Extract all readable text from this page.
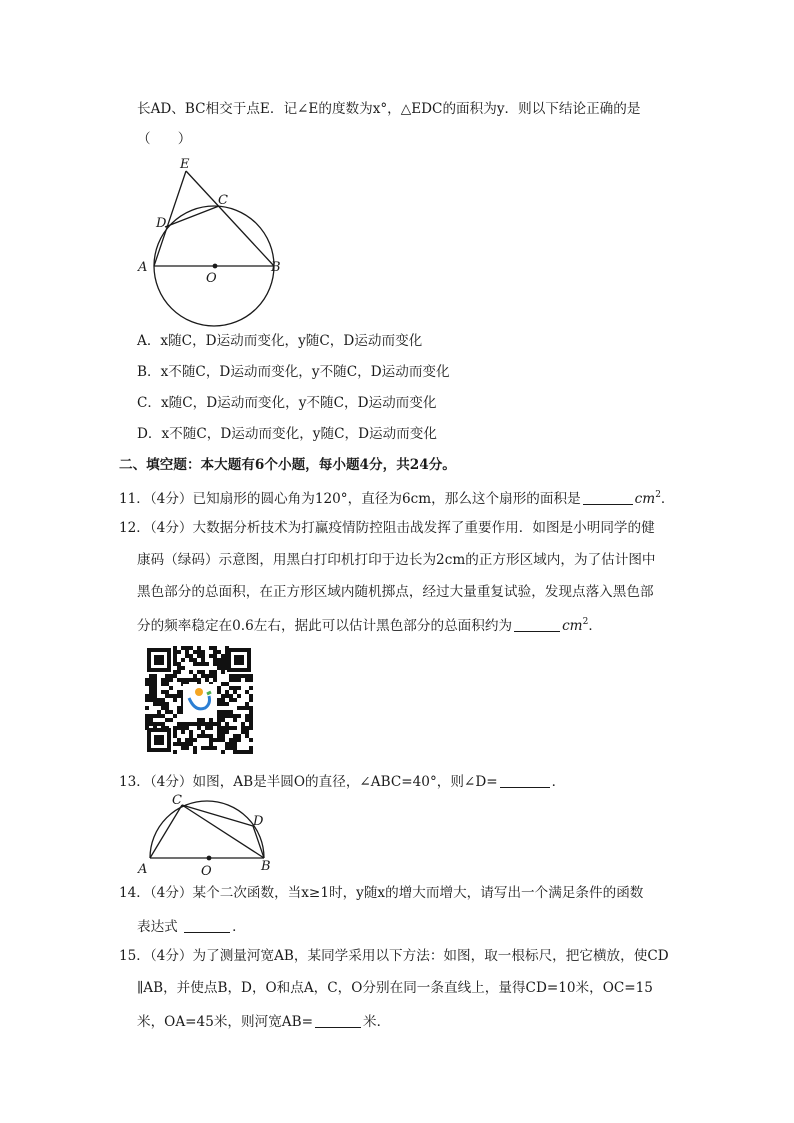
长AD、BC相交于点E．记∠E的度数为x°，△EDC的面积为y．则以下结论正确的是
（　　）
E
C
D
A
O
B
A．x随C，D运动而变化，y随C，D运动而变化
B．x不随C，D运动而变化，y不随C，D运动而变化
C．x随C，D运动而变化，y不随C，D运动而变化
D．x不随C，D运动而变化，y随C，D运动而变化
二、填空题：本大题有6个小题，每小题4分，共24分。
11．（4分）已知扇形的圆心角为120°，直径为6cm，那么这个扇形的面积是	$cm^2$．
12．（4分）大数据分析技术为打赢疫情防控阻击战发挥了重要作用．如图是小明同学的健
康码（绿码）示意图，用黑白打印机打印于边长为2cm的正方形区域内，为了估计图中
黑色部分的总面积，在正方形区域内随机掷点，经过大量重复试验，发现点落入黑色部
分的频率稳定在0.6左右，据此可以估计黑色部分的总面积约为	$cm^2$．
13．（4分）如图，AB是半圆O的直径，∠ABC=40°，则∠D=	．
C
D
A	O	B
14．（4分）某个二次函数，当x≥1时，y随x的增大而增大，请写出一个满足条件的函数
表达式	．
15．（4分）为了测量河宽AB，某同学采用以下方法：如图，取一根标尺，把它横放，使CD
∥AB，并使点B，D，O和点A，C，O分别在同一条直线上，量得CD=10米，OC=15
米，OA=45米，则河宽AB=	米．
